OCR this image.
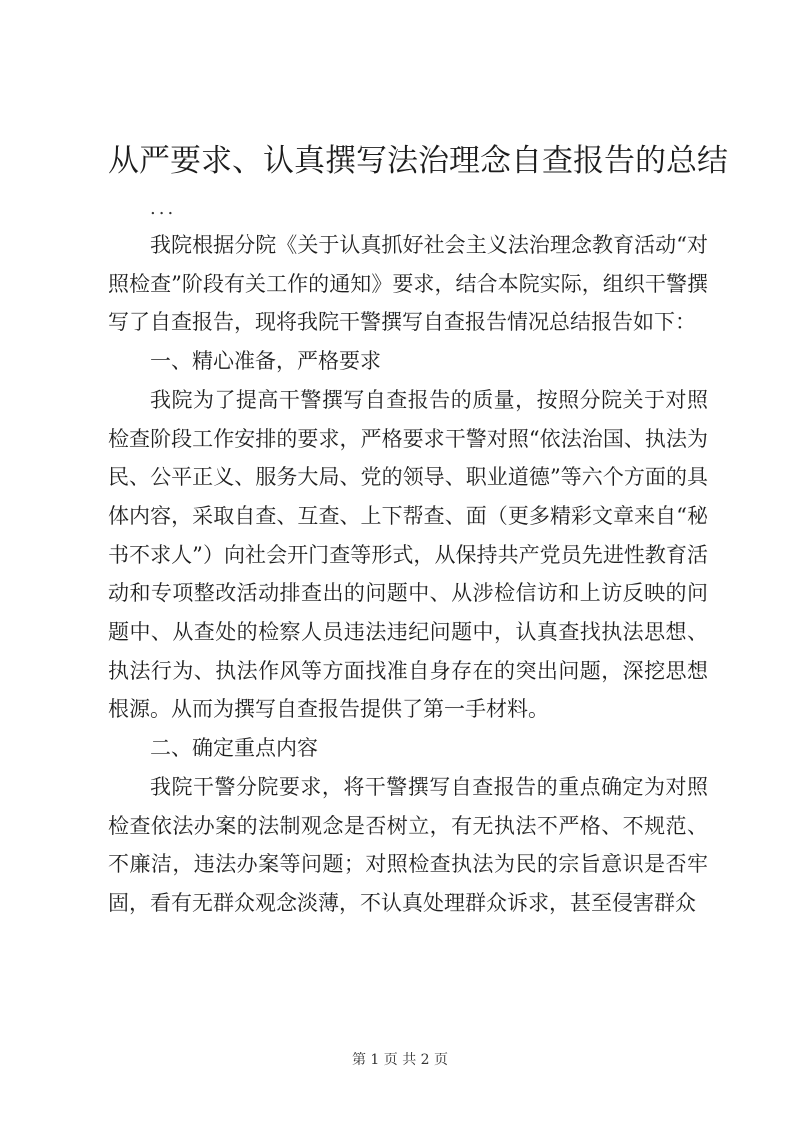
从严要求、认真撰写法治理念自查报告的总结
...

我院根据分院《关于认真抓好社会主义法治理念教育活动“对照检查”阶段有关工作的通知》要求，结合本院实际，组织干警撰写了自查报告，现将我院干警撰写自查报告情况总结报告如下：

一、精心准备，严格要求

我院为了提高干警撰写自查报告的质量，按照分院关于对照检查阶段工作安排的要求，严格要求干警对照“依法治国、执法为民、公平正义、服务大局、党的领导、职业道德”等六个方面的具体内容，采取自查、互查、上下帮查、面（更多精彩文章来自“秘书不求人”）向社会开门查等形式，从保持共产党员先进性教育活动和专项整改活动排查出的问题中、从涉检信访和上访反映的问题中、从查处的检察人员违法违纪问题中，认真查找执法思想、执法行为、执法作风等方面找准自身存在的突出问题，深挖思想根源。从而为撰写自查报告提供了第一手材料。

二、确定重点内容

我院干警分院要求，将干警撰写自查报告的重点确定为对照检查依法办案的法制观念是否树立，有无执法不严格、不规范、不廉洁，违法办案等问题；对照检查执法为民的宗旨意识是否牢固，看有无群众观念淡薄，不认真处理群众诉求，甚至侵害群众

第 1 页 共 2 页
